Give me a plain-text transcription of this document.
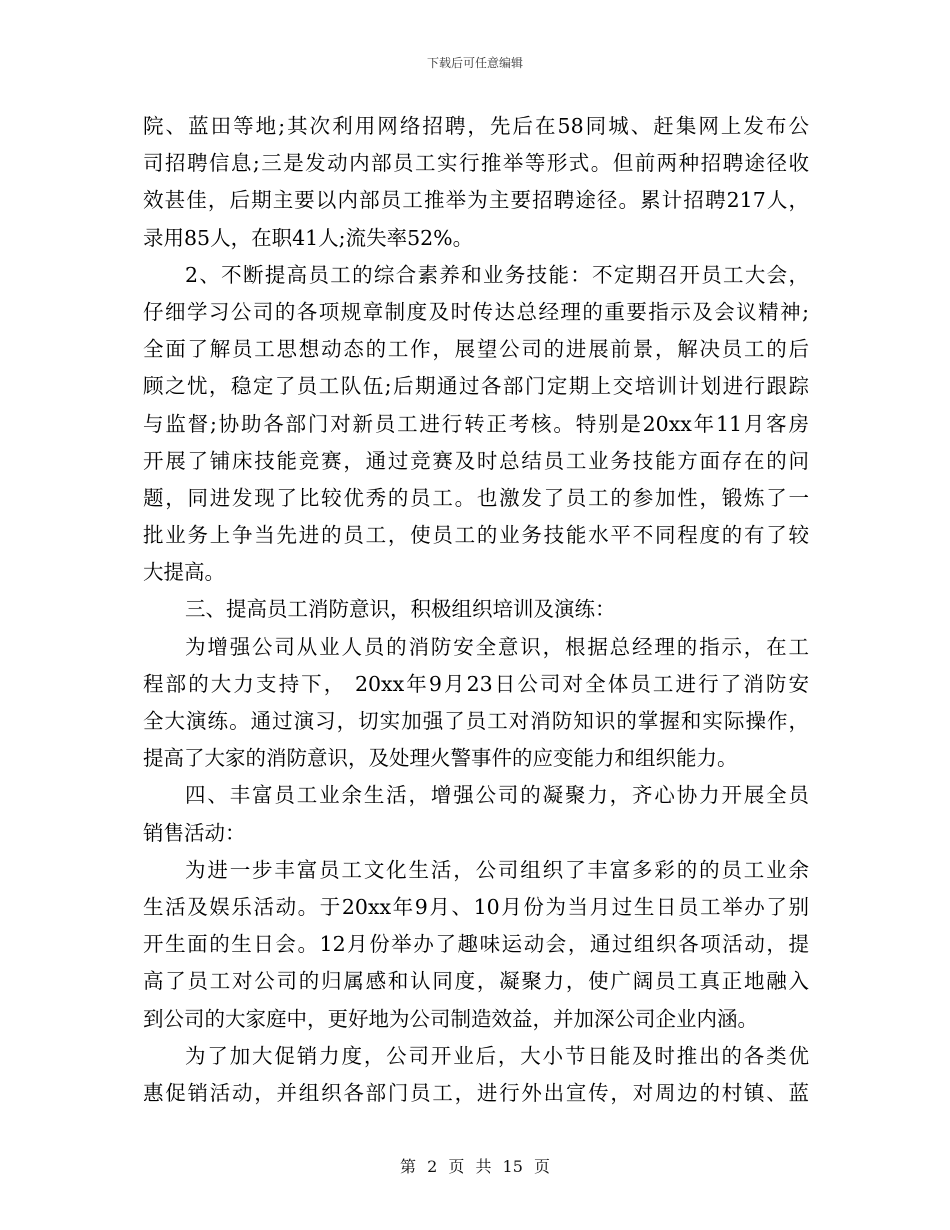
下载后可任意编辑
院、蓝田等地;其次利用网络招聘，先后在58同城、赶集网上发布公
司招聘信息;三是发动内部员工实行推举等形式。但前两种招聘途径收
效甚佳，后期主要以内部员工推举为主要招聘途径。累计招聘217人，
录用85人，在职41人;流失率52%。
2、不断提高员工的综合素养和业务技能：不定期召开员工大会，
仔细学习公司的各项规章制度及时传达总经理的重要指示及会议精神;
全面了解员工思想动态的工作，展望公司的进展前景，解决员工的后
顾之忧，稳定了员工队伍;后期通过各部门定期上交培训计划进行跟踪
与监督;协助各部门对新员工进行转正考核。特别是20xx年11月客房
开展了铺床技能竞赛，通过竞赛及时总结员工业务技能方面存在的问
题，同进发现了比较优秀的员工。也激发了员工的参加性，锻炼了一
批业务上争当先进的员工，使员工的业务技能水平不同程度的有了较
大提高。
三、提高员工消防意识，积极组织培训及演练：
为增强公司从业人员的消防安全意识，根据总经理的指示，在工
程部的大力支持下， 20xx年9月23日公司对全体员工进行了消防安
全大演练。通过演习，切实加强了员工对消防知识的掌握和实际操作，
提高了大家的消防意识，及处理火警事件的应变能力和组织能力。
四、丰富员工业余生活，增强公司的凝聚力，齐心协力开展全员
销售活动：
为进一步丰富员工文化生活，公司组织了丰富多彩的的员工业余
生活及娱乐活动。于20xx年9月、10月份为当月过生日员工举办了别
开生面的生日会。12月份举办了趣味运动会，通过组织各项活动，提
高了员工对公司的归属感和认同度，凝聚力，使广阔员工真正地融入
到公司的大家庭中，更好地为公司制造效益，并加深公司企业内涵。
为了加大促销力度，公司开业后，大小节日能及时推出的各类优
惠促销活动，并组织各部门员工，进行外出宣传，对周边的村镇、蓝
第 2 页 共 15 页
